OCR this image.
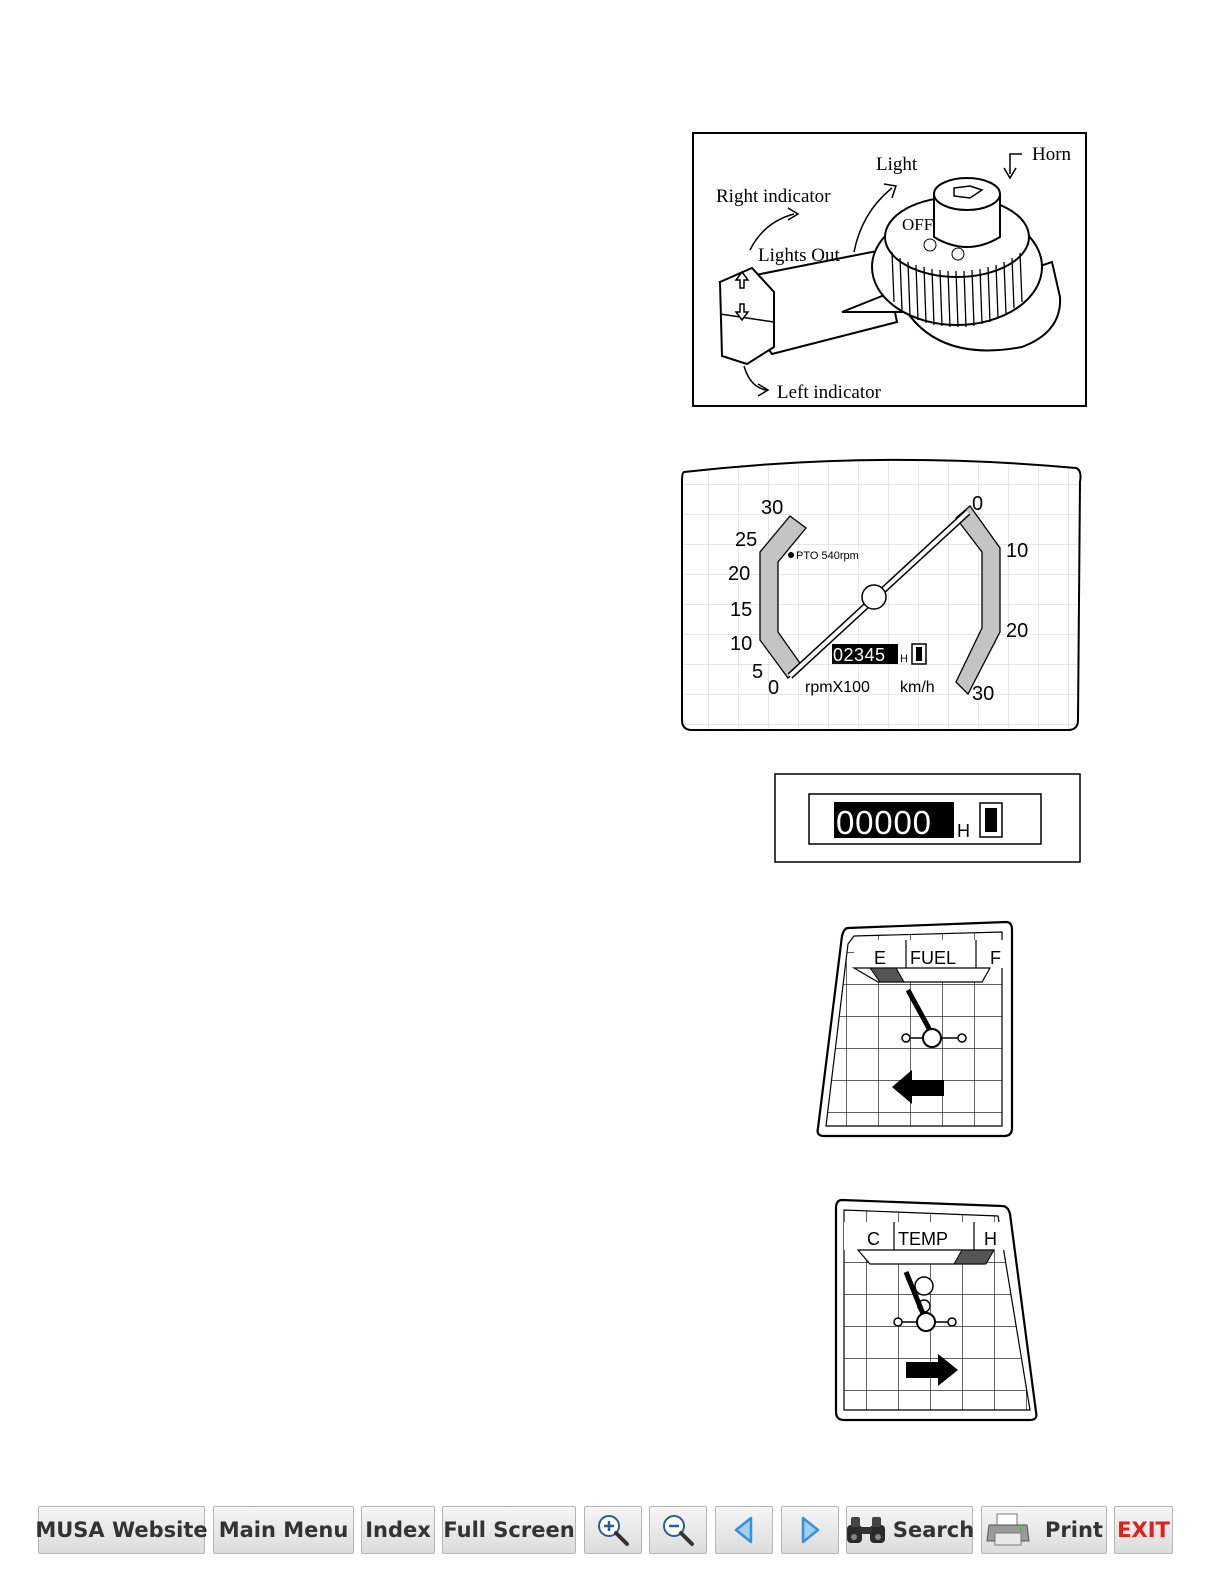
Horn
Light
Right indicator
OFF
Lights Out
Left indicator
02345 H
30
25
20
15
10
5
0
0
10
20
30
PTO 540rpm
rpmX100 km/h
00000 H
E FUEL F
C TEMP H
MUSA Website Main Menu Index Full Screen	Search	Print EXIT
